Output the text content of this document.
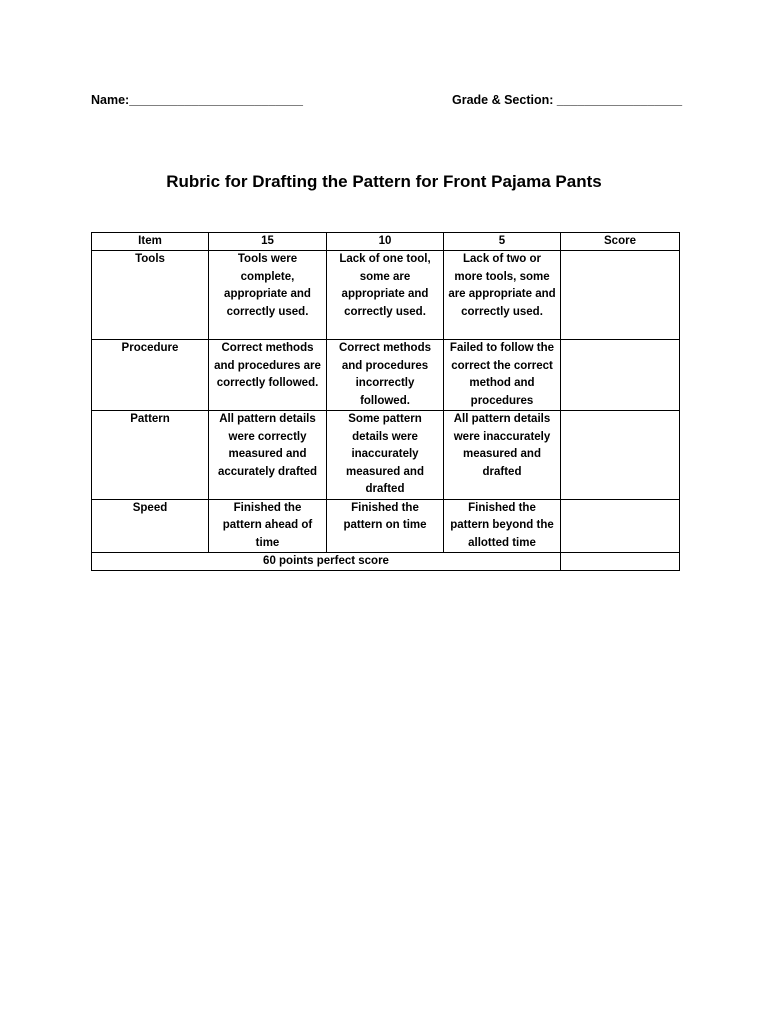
Name:_________________________	Grade & Section: __________________
Rubric for Drafting the Pattern for Front Pajama Pants
Item	15	10	5	Score
Tools	Tools were complete, appropriate and correctly used.	Lack of one tool, some are appropriate and correctly used.	Lack of two or more tools, some are appropriate and correctly used.	
Procedure	Correct methods and procedures are correctly followed.	Correct methods and procedures incorrectly followed.	Failed to follow the correct the correct method and procedures	
Pattern	All pattern details were correctly measured and accurately drafted	Some pattern details were inaccurately measured and drafted	All pattern details were inaccurately measured and drafted	
Speed	Finished the pattern ahead of time	Finished the pattern on time	Finished the pattern beyond the allotted time	
60 points perfect score				
